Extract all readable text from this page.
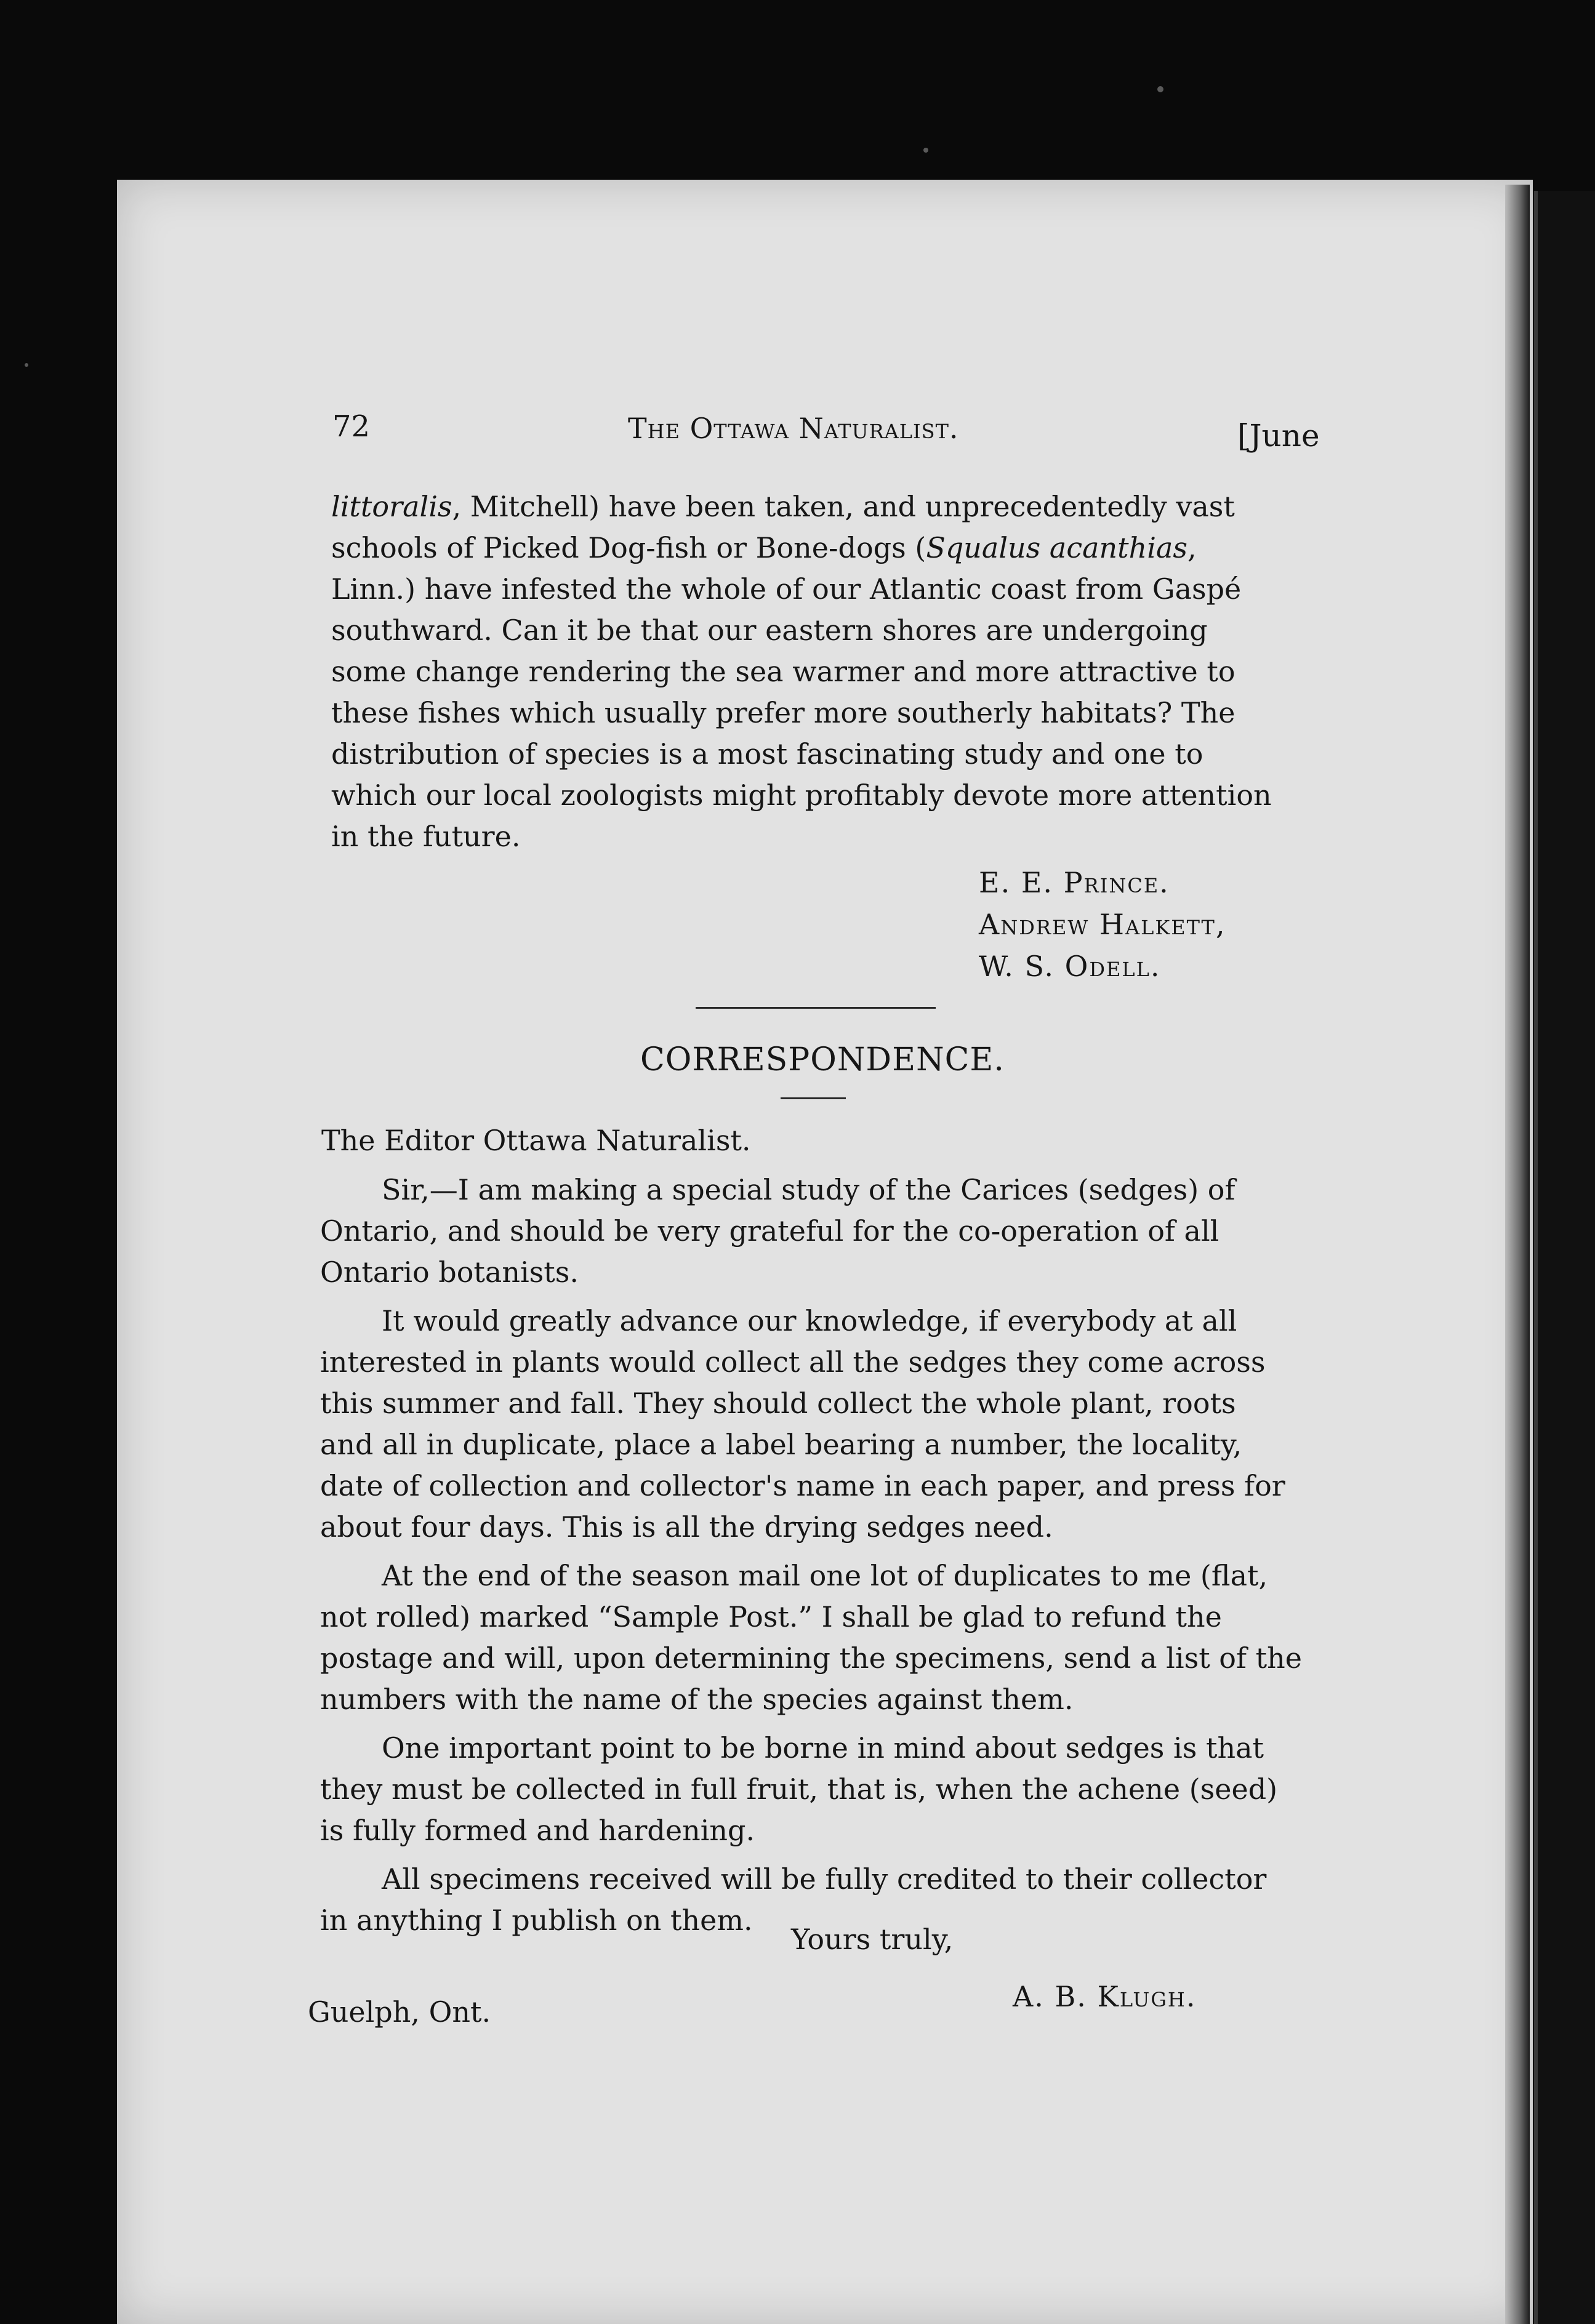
72	The Ottawa Naturalist.	[June
littoralis, Mitchell) have been taken, and unprecedentedly vast
schools of Picked Dog-fish or Bone-dogs (Squalus acanthias,
Linn.) have infested the whole of our Atlantic coast from Gaspé
southward. Can it be that our eastern shores are undergoing
some change rendering the sea warmer and more attractive to
these fishes which usually prefer more southerly habitats? The
distribution of species is a most fascinating study and one to
which our local zoologists might profitably devote more attention
in the future.
E. E. Prince.
Andrew Halkett,
W. S. Odell.
CORRESPONDENCE.
The Editor Ottawa Naturalist.
Sir,—I am making a special study of the Carices (sedges) of
Ontario, and should be very grateful for the co-operation of all
Ontario botanists.
It would greatly advance our knowledge, if everybody at all
interested in plants would collect all the sedges they come across
this summer and fall. They should collect the whole plant, roots
and all in duplicate, place a label bearing a number, the locality,
date of collection and collector's name in each paper, and press for
about four days. This is all the drying sedges need.
At the end of the season mail one lot of duplicates to me (flat,
not rolled) marked “Sample Post.” I shall be glad to refund the
postage and will, upon determining the specimens, send a list of the
numbers with the name of the species against them.
One important point to be borne in mind about sedges is that
they must be collected in full fruit, that is, when the achene (seed)
is fully formed and hardening.
All specimens received will be fully credited to their collector
in anything I publish on them.
Yours truly,
A. B. Klugh.
Guelph, Ont.
